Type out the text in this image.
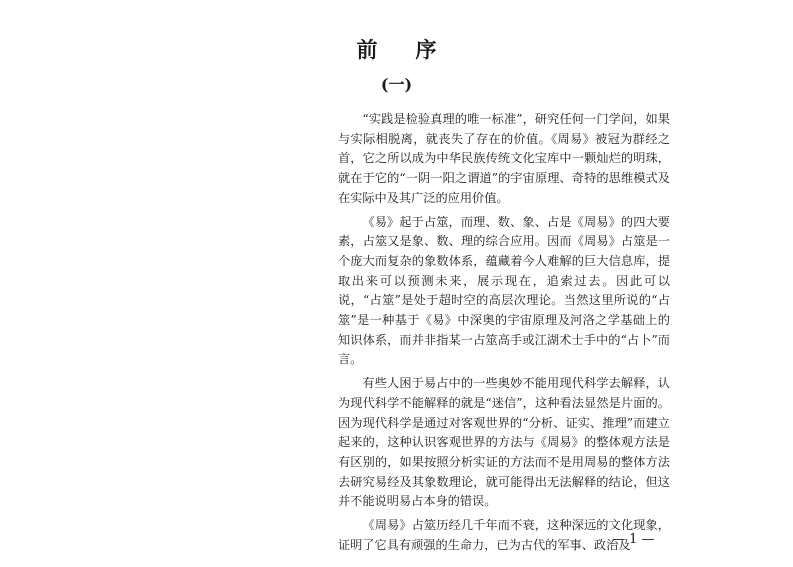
前序
(一)

“实践是检验真理的唯一标准”，研究任何一门学问，如果与实际相脱离，就丧失了存在的价值。《周易》被冠为群经之首，它之所以成为中华民族传统文化宝库中一颗灿烂的明珠，就在于它的“一阴一阳之谓道”的宇宙原理、奇特的思维模式及在实际中及其广泛的应用价值。

《易》起于占筮，而理、数、象、占是《周易》的四大要素，占筮又是象、数、理的综合应用。因而《周易》占筮是一个庞大而复杂的象数体系，蕴藏着今人难解的巨大信息库，提取出来可以预测未来，展示现在，追索过去。因此可以说，“占筮”是处于超时空的高层次理论。当然这里所说的“占筮”是一种基于《易》中深奥的宇宙原理及河洛之学基础上的知识体系，而并非指某一占筮高手或江湖术士手中的“占卜”而言。

有些人困于易占中的一些奥妙不能用现代科学去解释，认为现代科学不能解释的就是“迷信”，这种看法显然是片面的。因为现代科学是通过对客观世界的“分析、证实、推理”而建立起来的，这种认识客观世界的方法与《周易》的整体观方法是有区别的，如果按照分析实证的方法而不是用周易的整体方法去研究易经及其象数理论，就可能得出无法解释的结论，但这并不能说明易占本身的错误。

《周易》占筮历经几千年而不衰，这种深远的文化现象，证明了它具有顽强的生命力，已为古代的军事、政治及

— 1 —
